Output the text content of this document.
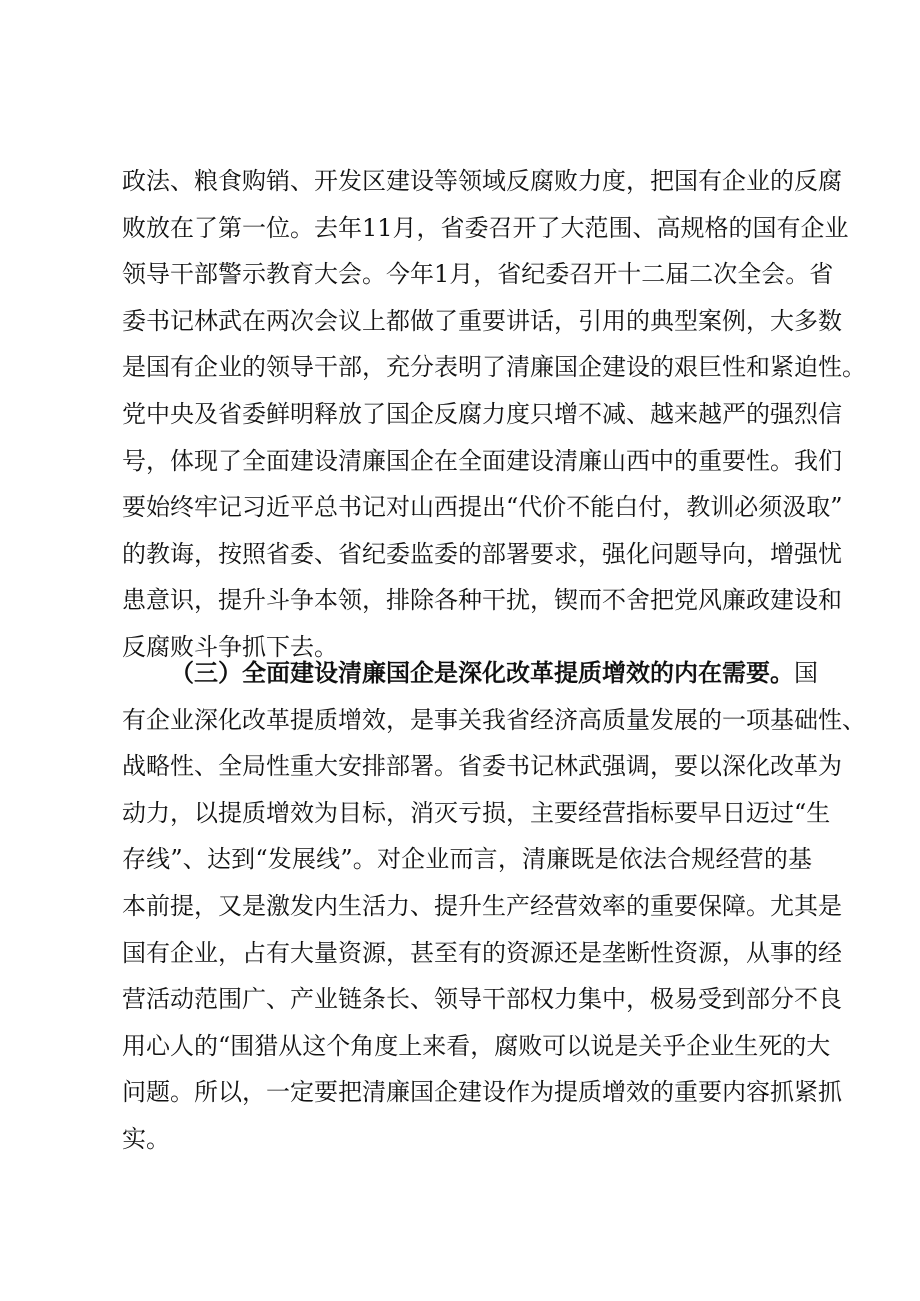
政法、粮食购销、开发区建设等领域反腐败力度，把国有企业的反腐
败放在了第一位。去年11月，省委召开了大范围、高规格的国有企业
领导干部警示教育大会。今年1月，省纪委召开十二届二次全会。省
委书记林武在两次会议上都做了重要讲话，引用的典型案例，大多数
是国有企业的领导干部，充分表明了清廉国企建设的艰巨性和紧迫性。
党中央及省委鲜明释放了国企反腐力度只增不减、越来越严的强烈信
号，体现了全面建设清廉国企在全面建设清廉山西中的重要性。我们
要始终牢记习近平总书记对山西提出“代价不能白付，教训必须汲取”
的教诲，按照省委、省纪委监委的部署要求，强化问题导向，增强忧
患意识，提升斗争本领，排除各种干扰，锲而不舍把党风廉政建设和
反腐败斗争抓下去。
（三）全面建设清廉国企是深化改革提质增效的内在需要。国
有企业深化改革提质增效，是事关我省经济高质量发展的一项基础性、
战略性、全局性重大安排部署。省委书记林武强调，要以深化改革为
动力，以提质增效为目标，消灭亏损，主要经营指标要早日迈过“生
存线”、达到“发展线”。对企业而言，清廉既是依法合规经营的基
本前提，又是激发内生活力、提升生产经营效率的重要保障。尤其是
国有企业，占有大量资源，甚至有的资源还是垄断性资源，从事的经
营活动范围广、产业链条长、领导干部权力集中，极易受到部分不良
用心人的“围猎从这个角度上来看，腐败可以说是关乎企业生死的大
问题。所以，一定要把清廉国企建设作为提质增效的重要内容抓紧抓
实。
